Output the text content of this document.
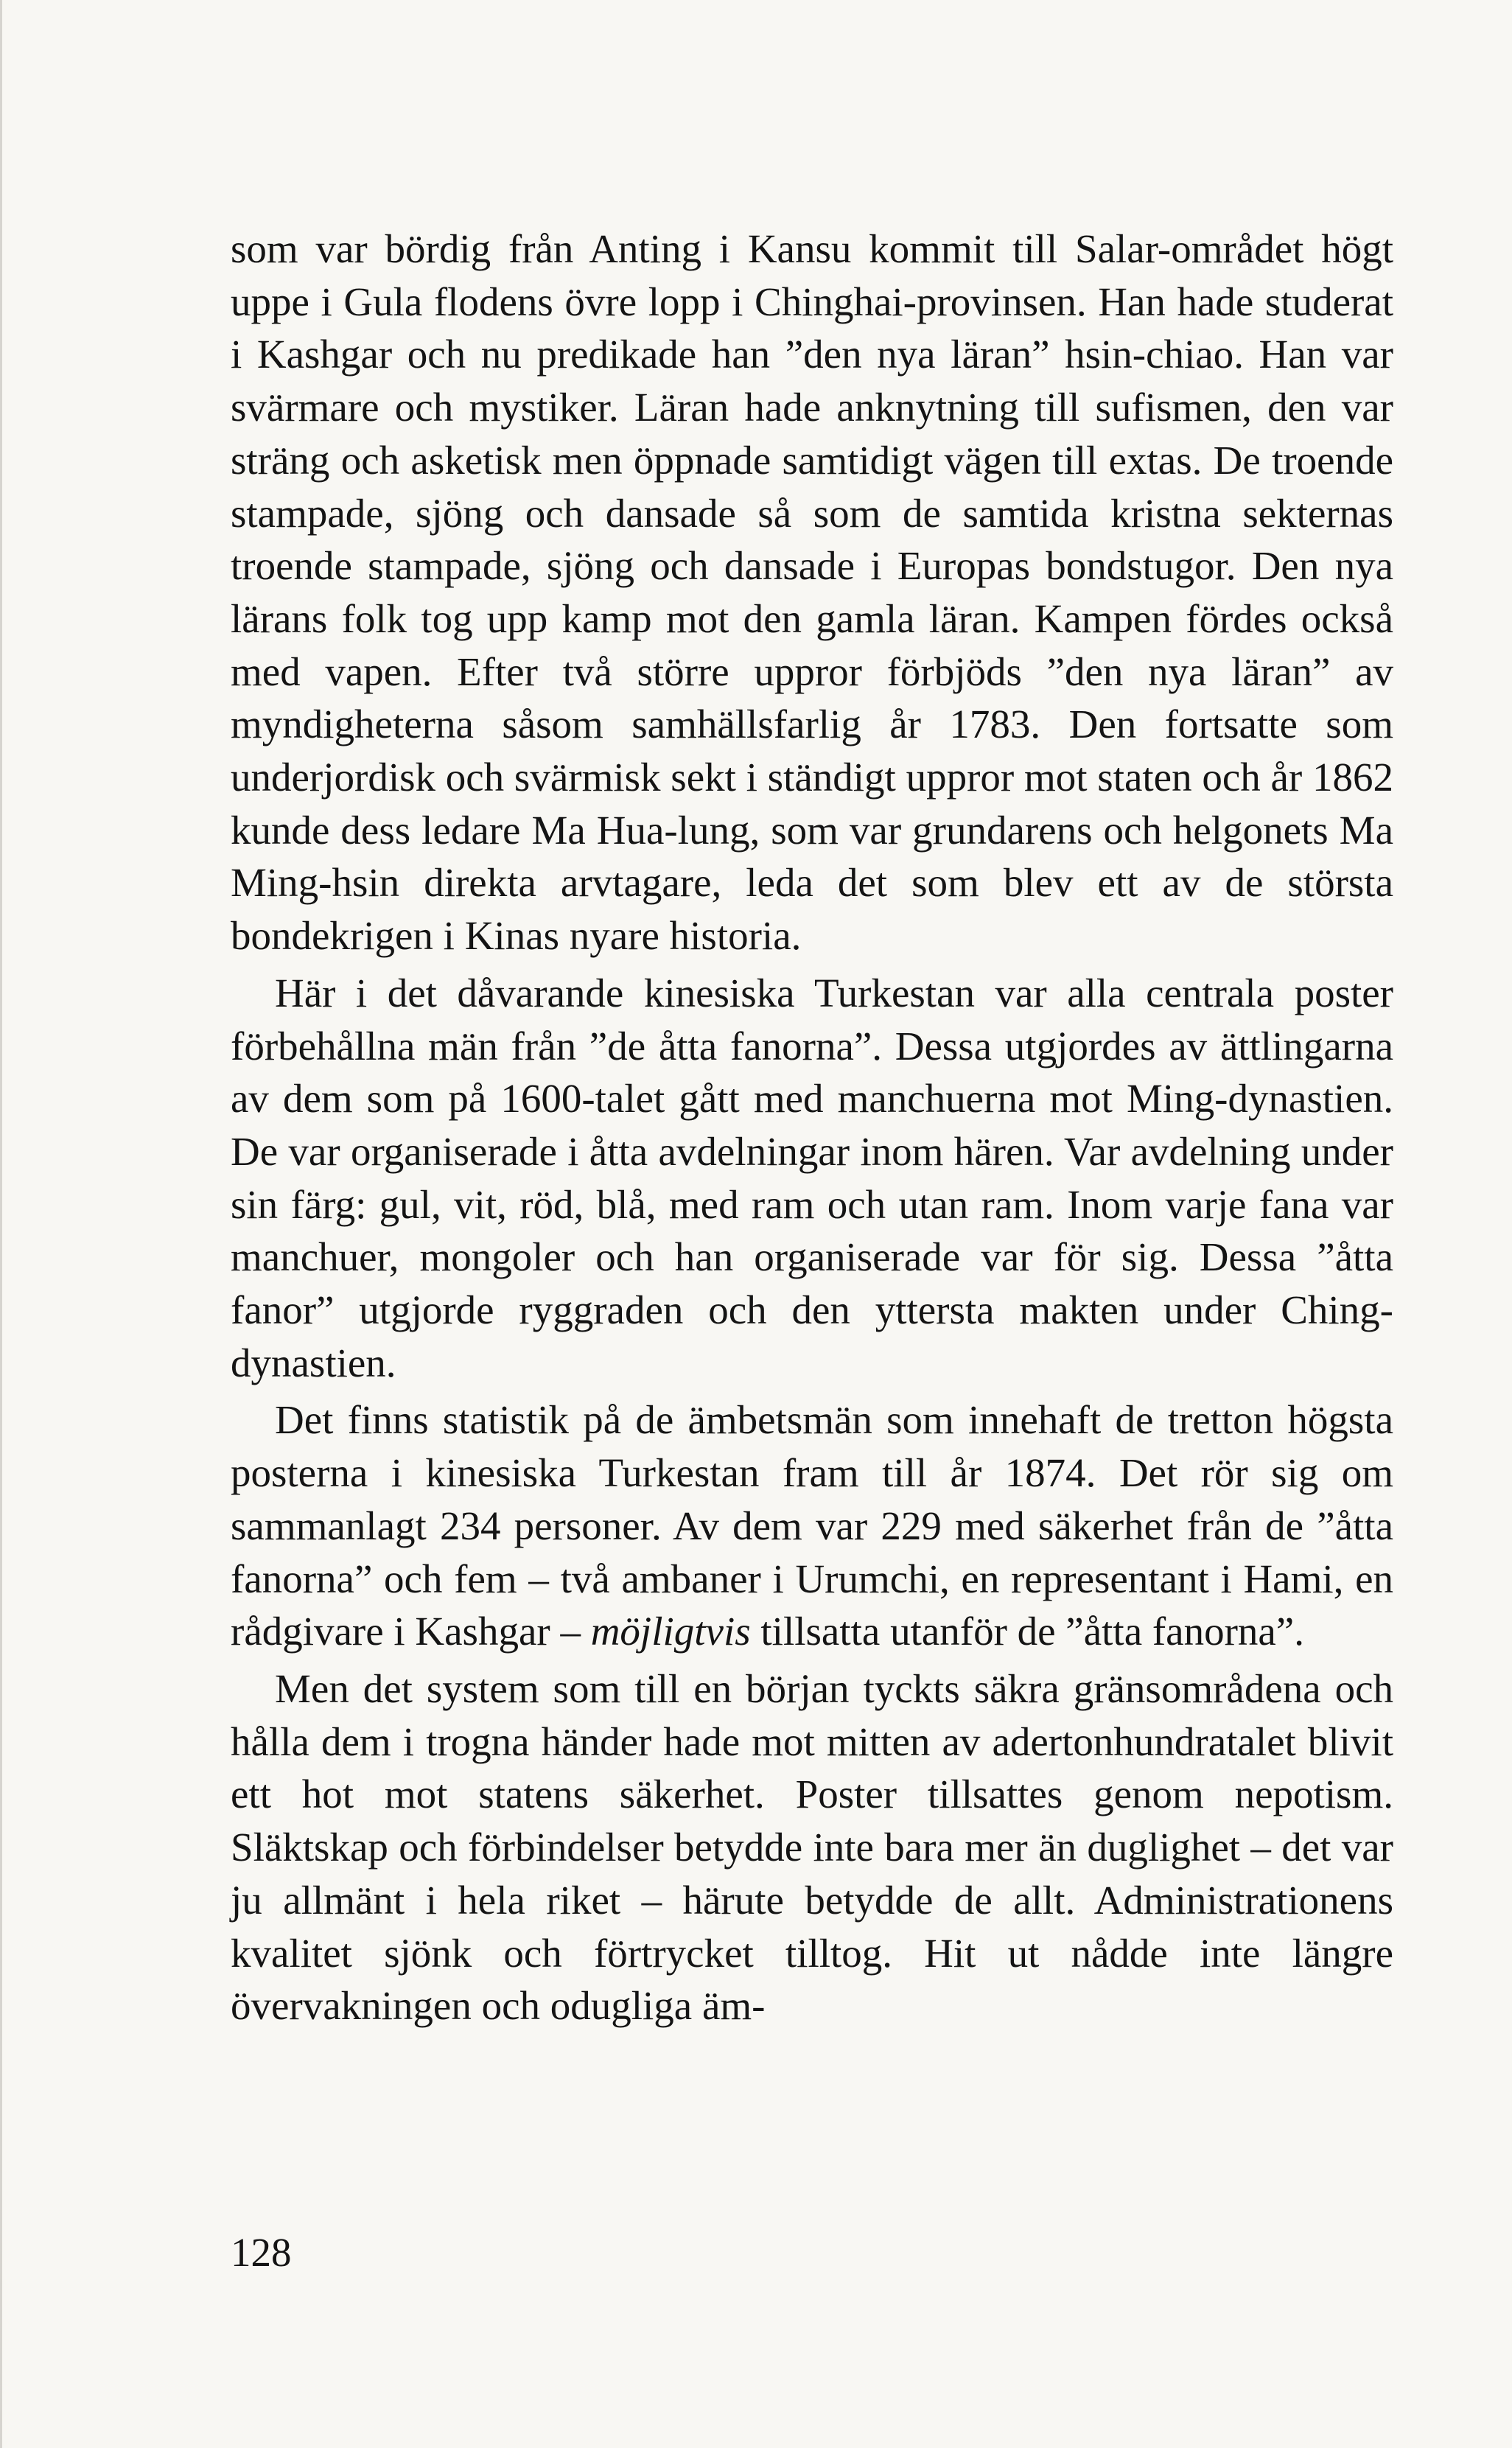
som var bördig från Anting i Kansu kommit till Salar-området högt uppe i Gula flodens övre lopp i Chinghai-provinsen. Han hade studerat i Kashgar och nu predikade han ”den nya läran” hsin-chiao. Han var svärmare och mystiker. Läran hade anknytning till sufismen, den var sträng och asketisk men öppnade samtidigt vägen till extas. De troende stampade, sjöng och dansade så som de samtida kristna sekternas troende stampade, sjöng och dansade i Europas bondstugor. Den nya lärans folk tog upp kamp mot den gamla läran. Kampen fördes också med vapen. Efter två större uppror förbjöds ”den nya läran” av myndigheterna såsom samhällsfarlig år 1783. Den fortsatte som underjordisk och svärmisk sekt i ständigt uppror mot staten och år 1862 kunde dess ledare Ma Hua-lung, som var grundarens och helgonets Ma Ming-hsin direkta arvtagare, leda det som blev ett av de största bondekrigen i Kinas nyare historia.

Här i det dåvarande kinesiska Turkestan var alla centrala poster förbehållna män från ”de åtta fanorna”. Dessa utgjordes av ättlingarna av dem som på 1600-talet gått med manchuerna mot Ming-dynastien. De var organiserade i åtta avdelningar inom hären. Var avdelning under sin färg: gul, vit, röd, blå, med ram och utan ram. Inom varje fana var manchuer, mongoler och han organiserade var för sig. Dessa ”åtta fanor” utgjorde ryggraden och den yttersta makten under Ching-dynastien.

Det finns statistik på de ämbetsmän som innehaft de tretton högsta posterna i kinesiska Turkestan fram till år 1874. Det rör sig om sammanlagt 234 personer. Av dem var 229 med säkerhet från de ”åtta fanorna” och fem – två ambaner i Urumchi, en representant i Hami, en rådgivare i Kashgar – möjligtvis tillsatta utanför de ”åtta fanorna”.

Men det system som till en början tyckts säkra gränsområdena och hålla dem i trogna händer hade mot mitten av adertonhundratalet blivit ett hot mot statens säkerhet. Poster tillsattes genom nepotism. Släktskap och förbindelser betydde inte bara mer än duglighet – det var ju allmänt i hela riket – härute betydde de allt. Administrationens kvalitet sjönk och förtrycket tilltog. Hit ut nådde inte längre övervakningen och odugliga äm-

128
